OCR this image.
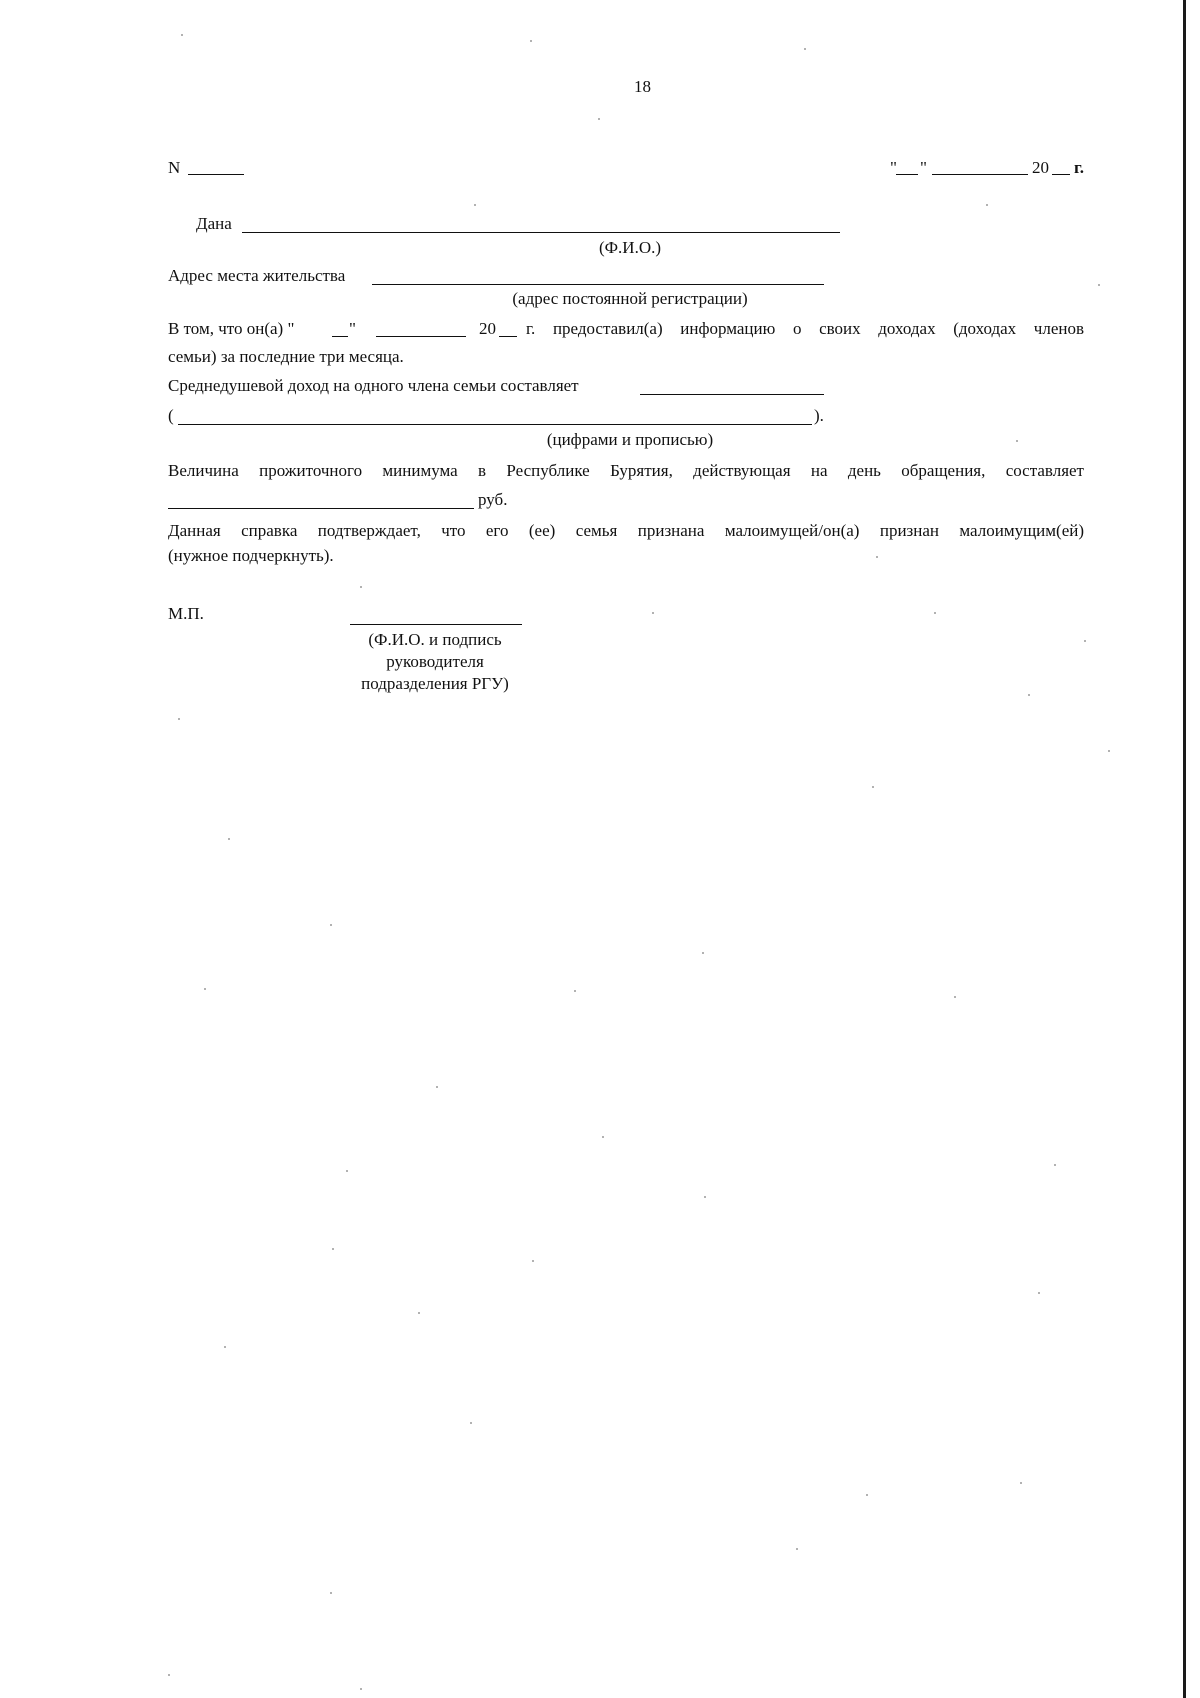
18
N	" "	20 г.
Дана
(Ф.И.О.)
Адрес места жительства
(адрес постоянной регистрации)
В том, что он(а) "	"	20 г. предоставил(а) информацию о своих доходах (доходах членов
семьи) за последние три месяца.
Среднедушевой доход на одного члена семьи составляет
(	).
(цифрами и прописью)
Величина прожиточного минимума в Республике Бурятия, действующая на день обращения, составляет
руб.
Данная справка подтверждает, что его (ее) семья признана малоимущей/он(а) признан малоимущим(ей)
(нужное подчеркнуть).
М.П.
(Ф.И.О. и подпись
руководителя
подразделения РГУ)
